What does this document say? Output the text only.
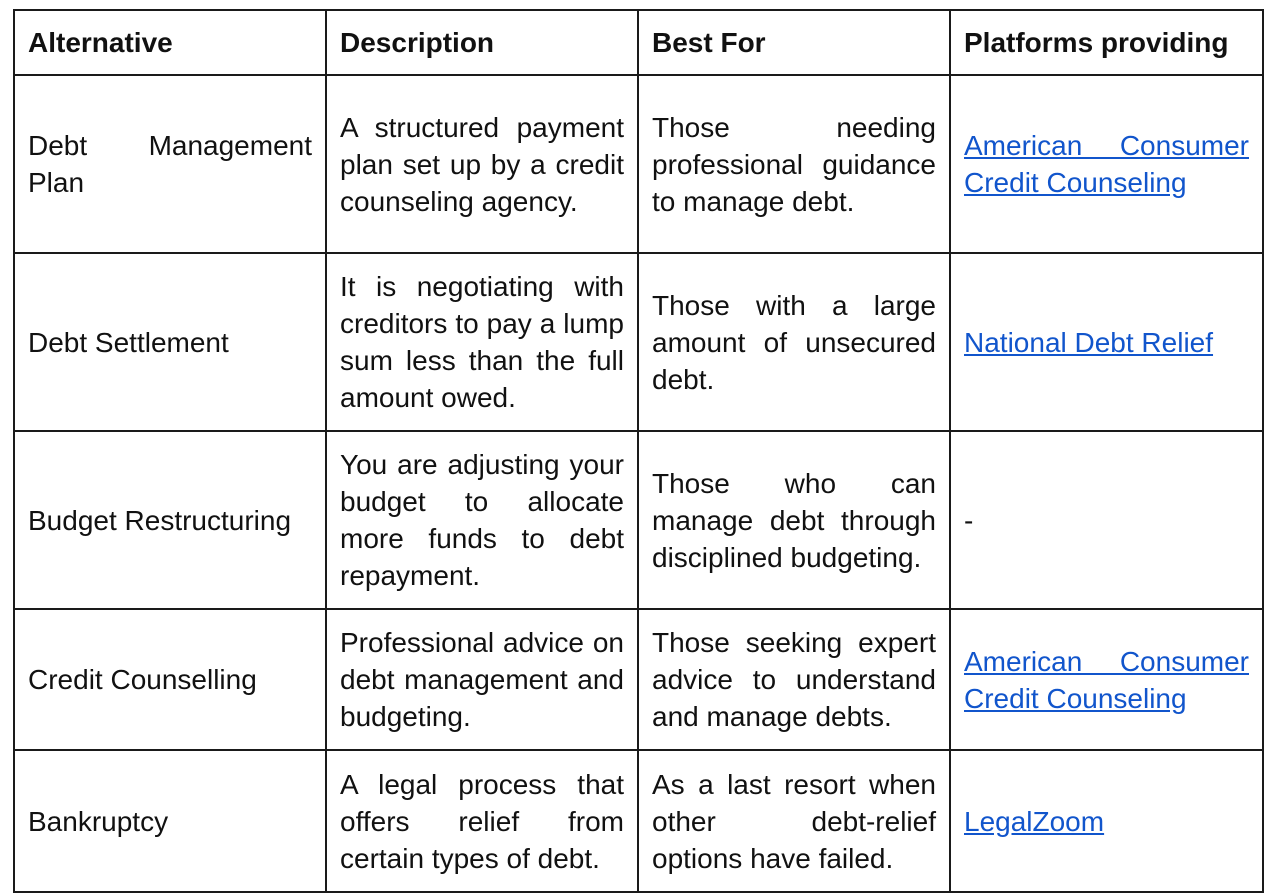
Alternative	Description	Best For	Platforms providing
Debt Management Plan	A structured payment plan set up by a credit counseling agency.	Those needing professional guidance to manage debt.	American Consumer Credit Counseling
Debt Settlement	It is negotiating with creditors to pay a lump sum less than the full amount owed.	Those with a large amount of unsecured debt.	National Debt Relief
Budget Restructuring	You are adjusting your budget to allocate more funds to debt repayment.	Those who can manage debt through disciplined budgeting.	-
Credit Counselling	Professional advice on debt management and budgeting.	Those seeking expert advice to understand and manage debts.	American Consumer Credit Counseling
Bankruptcy	A legal process that offers relief from certain types of debt.	As a last resort when other debt-relief options have failed.	LegalZoom
